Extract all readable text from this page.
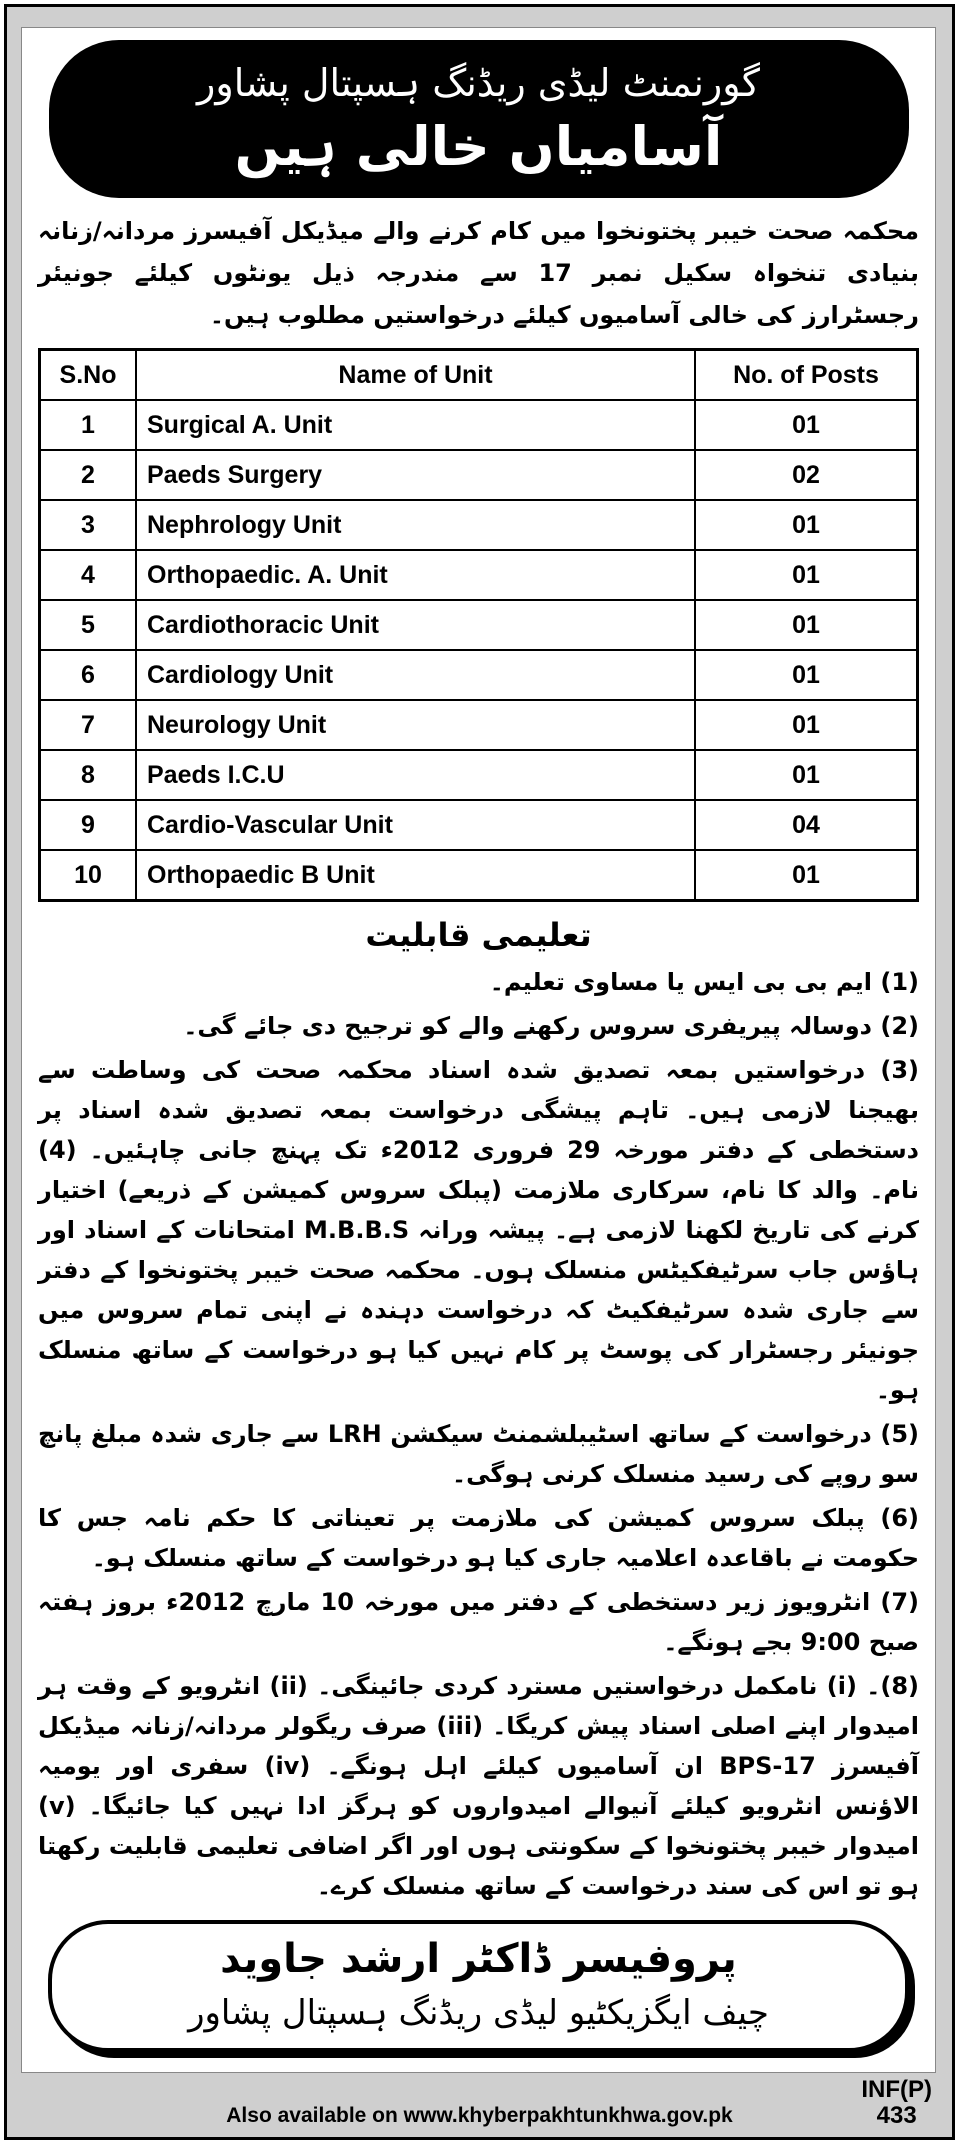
گورنمنٹ لیڈی ریڈنگ ہسپتال پشاور
آسامیاں خالی ہیں
محکمہ صحت خیبر پختونخوا میں کام کرنے والے میڈیکل آفیسرز مردانہ/زنانہ بنیادی تنخواہ سکیل نمبر 17 سے مندرجہ ذیل یونٹوں کیلئے جونیئر رجسٹرارز کی خالی آسامیوں کیلئے درخواستیں مطلوب ہیں۔
S.No	Name of Unit	No. of Posts
1	Surgical A. Unit	01
2	Paeds Surgery	02
3	Nephrology Unit	01
4	Orthopaedic. A. Unit	01
5	Cardiothoracic Unit	01
6	Cardiology Unit	01
7	Neurology Unit	01
8	Paeds I.C.U	01
9	Cardio-Vascular Unit	04
10	Orthopaedic B Unit	01
تعلیمی قابلیت

(1) ایم بی بی ایس یا مساوی تعلیم۔

(2) دوسالہ پیریفری سروس رکھنے والے کو ترجیح دی جائے گی۔

(3) درخواستیں بمعہ تصدیق شدہ اسناد محکمہ صحت کی وساطت سے بھیجنا لازمی ہیں۔ تاہم پیشگی درخواست بمعہ تصدیق شدہ اسناد پر دستخطی کے دفتر مورخہ 29 فروری 2012ء تک پہنچ جانی چاہئیں۔ (4) نام۔ والد کا نام، سرکاری ملازمت (پبلک سروس کمیشن کے ذریعے) اختیار کرنے کی تاریخ لکھنا لازمی ہے۔ پیشہ ورانہ M.B.B.S امتحانات کے اسناد اور ہاؤس جاب سرٹیفکیٹس منسلک ہوں۔ محکمہ صحت خیبر پختونخوا کے دفتر سے جاری شدہ سرٹیفکیٹ کہ درخواست دہندہ نے اپنی تمام سروس میں جونیئر رجسٹرار کی پوسٹ پر کام نہیں کیا ہو درخواست کے ساتھ منسلک ہو۔

(5) درخواست کے ساتھ اسٹیبلشمنٹ سیکشن LRH سے جاری شدہ مبلغ پانچ سو روپے کی رسید منسلک کرنی ہوگی۔

(6) پبلک سروس کمیشن کی ملازمت پر تعیناتی کا حکم نامہ جس کا حکومت نے باقاعدہ اعلامیہ جاری کیا ہو درخواست کے ساتھ منسلک ہو۔

(7) انٹرویوز زیر دستخطی کے دفتر میں مورخہ 10 مارچ 2012ء بروز ہفتہ صبح 9:00 بجے ہونگے۔

(8)۔ (i) نامکمل درخواستیں مسترد کردی جائینگی۔ (ii) انٹرویو کے وقت ہر امیدوار اپنے اصلی اسناد پیش کریگا۔ (iii) صرف ریگولر مردانہ/زنانہ میڈیکل آفیسرز BPS-17 ان آسامیوں کیلئے اہل ہونگے۔ (iv) سفری اور یومیہ الاؤنس انٹرویو کیلئے آنیوالے امیدواروں کو ہرگز ادا نہیں کیا جائیگا۔ (v) امیدوار خیبر پختونخوا کے سکونتی ہوں اور اگر اضافی تعلیمی قابلیت رکھتا ہو تو اس کی سند درخواست کے ساتھ منسلک کرے۔

پروفیسر ڈاکٹر ارشد جاوید
چیف ایگزیکٹیو لیڈی ریڈنگ ہسپتال پشاور
Also available on www.khyberpakhtunkhwa.gov.pk
INF(P)
433
